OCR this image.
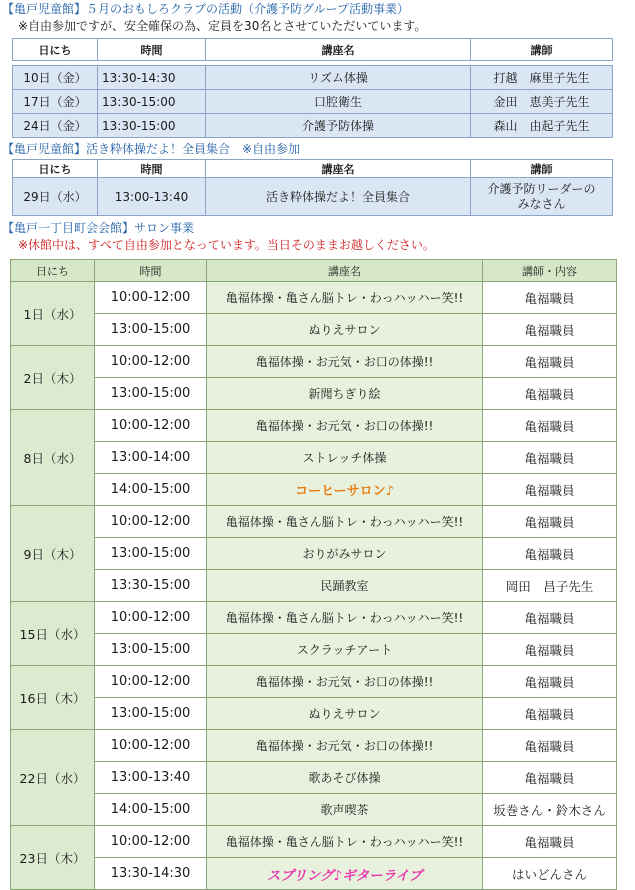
【亀戸児童館】５月のおもしろクラブの活動（介護予防グループ活動事業）
※自由参加ですが、安全確保の為、定員を30名とさせていただいています。
日にち	時間	講座名	講師

10日（金）	13:30-14:30	リズム体操	打越　麻里子先生
17日（金）	13:30-15:00	口腔衛生	金田　恵美子先生
24日（金）	13:30-15:00	介護予防体操	森山　由起子先生
【亀戸児童館】活き粋体操だよ！全員集合　※自由参加
日にち	時間	講座名	講師
29日（水）	13:00-13:40	活き粋体操だよ！全員集合	介護予防リーダーの
みなさん
【亀戸一丁目町会会館】サロン事業
※休館中は、すべて自由参加となっています。当日そのままお越しください。
日にち	時間	講座名	講師・内容
1日（水）	10:00-12:00	亀福体操・亀さん脳トレ・わっハッハー笑!!	亀福職員
	13:00-15:00	ぬりえサロン	亀福職員
2日（木）	10:00-12:00	亀福体操・お元気・お口の体操!!	亀福職員
	13:00-15:00	新聞ちぎり絵	亀福職員
8日（水）	10:00-12:00	亀福体操・お元気・お口の体操!!	亀福職員
	13:00-14:00	ストレッチ体操	亀福職員
	14:00-15:00	コーヒーサロン♪	亀福職員
9日（木）	10:00-12:00	亀福体操・亀さん脳トレ・わっハッハー笑!!	亀福職員
	13:00-15:00	おりがみサロン	亀福職員
	13:30-15:00	民踊教室	岡田　昌子先生
15日（水）	10:00-12:00	亀福体操・亀さん脳トレ・わっハッハー笑!!	亀福職員
	13:00-15:00	スクラッチアート	亀福職員
16日（木）	10:00-12:00	亀福体操・お元気・お口の体操!!	亀福職員
	13:00-15:00	ぬりえサロン	亀福職員
22日（水）	10:00-12:00	亀福体操・お元気・お口の体操!!	亀福職員
	13:00-13:40	歌あそび体操	亀福職員
	14:00-15:00	歌声喫茶	坂巻さん・鈴木さん
23日（木）	10:00-12:00	亀福体操・亀さん脳トレ・わっハッハー笑!!	亀福職員
	13:30-14:30	スプリング♪ギターライブ	はいどんさん
